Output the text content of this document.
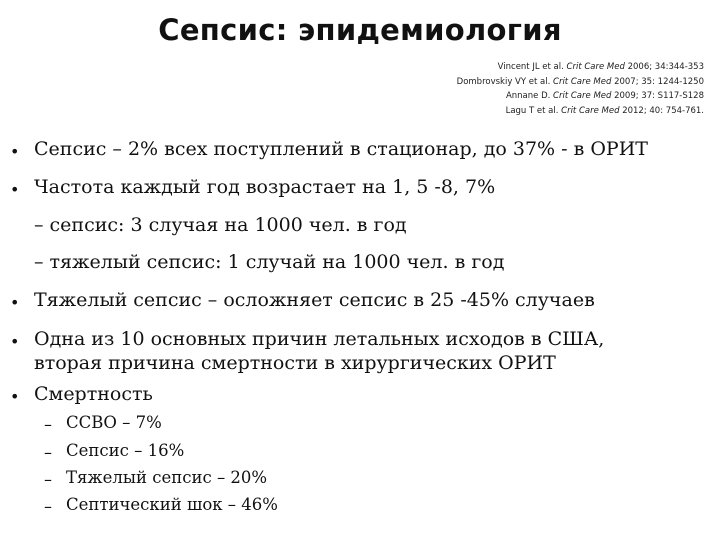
Сепсис: эпидемиология
Vincent JL et al. Crit Care Med 2006; 34:344-353
Dombrovskiy VY et al. Crit Care Med 2007; 35: 1244-1250
Annane D. Crit Care Med 2009; 37: S117-S128
Lagu T et al. Crit Care Med 2012; 40: 754-761.
• Сепсис – 2% всех поступлений в стационар, до 37% - в ОРИТ
• Частота каждый год возрастает на 1, 5 -8, 7%
– сепсис: 3 случая на 1000 чел. в год
– тяжелый сепсис: 1 случай на 1000 чел. в год
• Тяжелый сепсис – осложняет сепсис в 25 -45% случаев
• Одна из 10 основных причин летальных исходов в США,
вторая причина смертности в хирургических ОРИТ
• Смертность
– ССВО – 7%
– Сепсис – 16%
– Тяжелый сепсис – 20%
– Септический шок – 46%
